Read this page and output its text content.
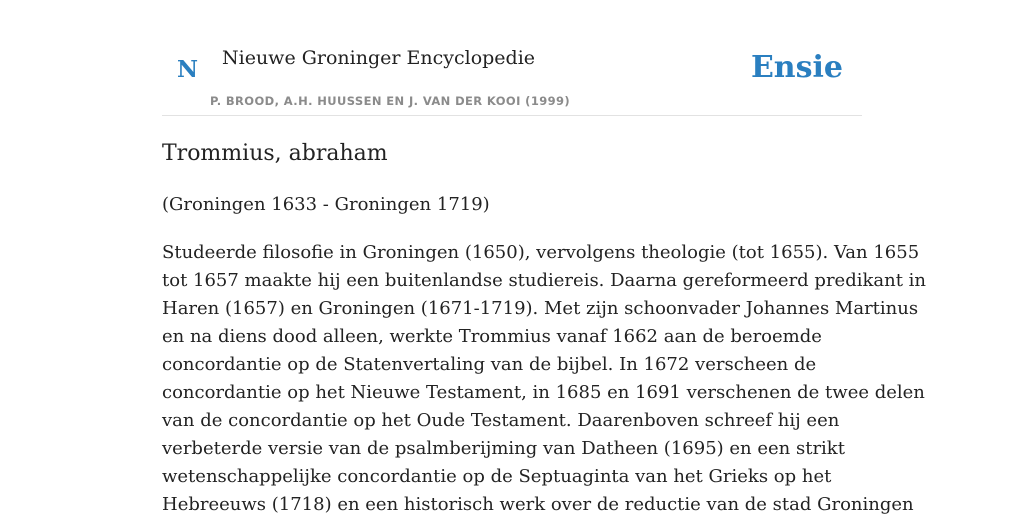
N Nieuwe Groninger Encyclopedie
P. BROOD, A.H. HUUSSEN EN J. VAN DER KOOI (1999)
Ensie
Trommius, abraham

(Groningen 1633 - Groningen 1719)

Studeerde filosofie in Groningen (1650), vervolgens theologie (tot 1655). Van 1655
tot 1657 maakte hij een buitenlandse studiereis. Daarna gereformeerd predikant in
Haren (1657) en Groningen (1671-1719). Met zijn schoonvader Johannes Martinus
en na diens dood alleen, werkte Trommius vanaf 1662 aan de beroemde
concordantie op de Statenvertaling van de bijbel. In 1672 verscheen de
concordantie op het Nieuwe Testament, in 1685 en 1691 verschenen de twee delen
van de concordantie op het Oude Testament. Daarenboven schreef hij een
verbeterde versie van de psalmberijming van Datheen (1695) en een strikt
wetenschappelijke concordantie op de Septuaginta van het Grieks op het
Hebreeuws (1718) en een historisch werk over de reductie van de stad Groningen
